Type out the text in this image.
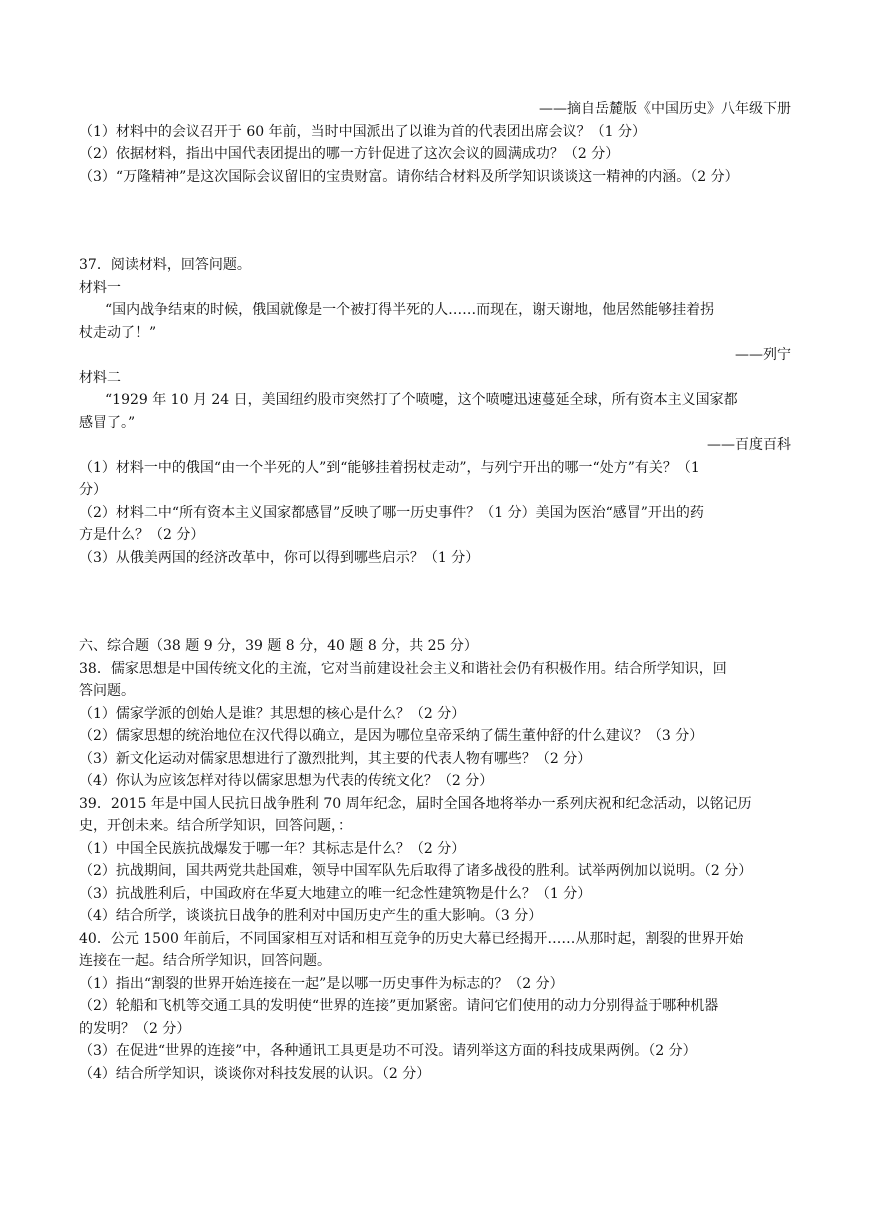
——摘自岳麓版《中国历史》八年级下册
（1）材料中的会议召开于 60 年前，当时中国派出了以谁为首的代表团出席会议？（1 分）
（2）依据材料，指出中国代表团提出的哪一方针促进了这次会议的圆满成功？（2 分）
（3）“万隆精神”是这次国际会议留旧的宝贵财富。请你结合材料及所学知识谈谈这一精神的内涵。（2 分）
37．阅读材料，回答问题。
材料一
“国内战争结束的时候，俄国就像是一个被打得半死的人……而现在，谢天谢地，他居然能够挂着拐
杖走动了！”
——列宁
材料二
“1929 年 10 月 24 日，美国纽约股市突然打了个喷嚏，这个喷嚏迅速蔓延全球，所有资本主义国家都
感冒了。”
——百度百科
（1）材料一中的俄国“由一个半死的人”到“能够挂着拐杖走动”，与列宁开出的哪一“处方”有关？（1
分）
（2）材料二中“所有资本主义国家都感冒”反映了哪一历史事件？（1 分）美国为医治“感冒”开出的药
方是什么？（2 分）
（3）从俄美两国的经济改革中，你可以得到哪些启示？（1 分）
六、综合题（38 题 9 分，39 题 8 分，40 题 8 分，共 25 分）
38．儒家思想是中国传统文化的主流，它对当前建设社会主义和谐社会仍有积极作用。结合所学知识，回
答问题。
（1）儒家学派的创始人是谁？其思想的核心是什么？（2 分）
（2）儒家思想的统治地位在汉代得以确立，是因为哪位皇帝采纳了儒生董仲舒的什么建议？（3 分）
（3）新文化运动对儒家思想进行了激烈批判，其主要的代表人物有哪些？（2 分）
（4）你认为应该怎样对待以儒家思想为代表的传统文化？（2 分）
39．2015 年是中国人民抗日战争胜利 70 周年纪念，届时全国各地将举办一系列庆祝和纪念活动，以铭记历
史，开创未来。结合所学知识，回答问题，：
（1）中国全民族抗战爆发于哪一年？其标志是什么？（2 分）
（2）抗战期间，国共两党共赴国难，领导中国军队先后取得了诸多战役的胜利。试举两例加以说明。（2 分）
（3）抗战胜利后，中国政府在华夏大地建立的唯一纪念性建筑物是什么？（1 分）
（4）结合所学，谈谈抗日战争的胜利对中国历史产生的重大影响。（3 分）
40．公元 1500 年前后，不同国家相互对话和相互竞争的历史大幕已经揭开……从那时起，割裂的世界开始
连接在一起。结合所学知识，回答问题。
（1）指出“割裂的世界开始连接在一起”是以哪一历史事件为标志的？（2 分）
（2）轮船和飞机等交通工具的发明使“世界的连接”更加紧密。请问它们使用的动力分别得益于哪种机器
的发明？（2 分）
（3）在促进“世界的连接”中，各种通讯工具更是功不可没。请列举这方面的科技成果两例。（2 分）
（4）结合所学知识，谈谈你对科技发展的认识。（2 分）
